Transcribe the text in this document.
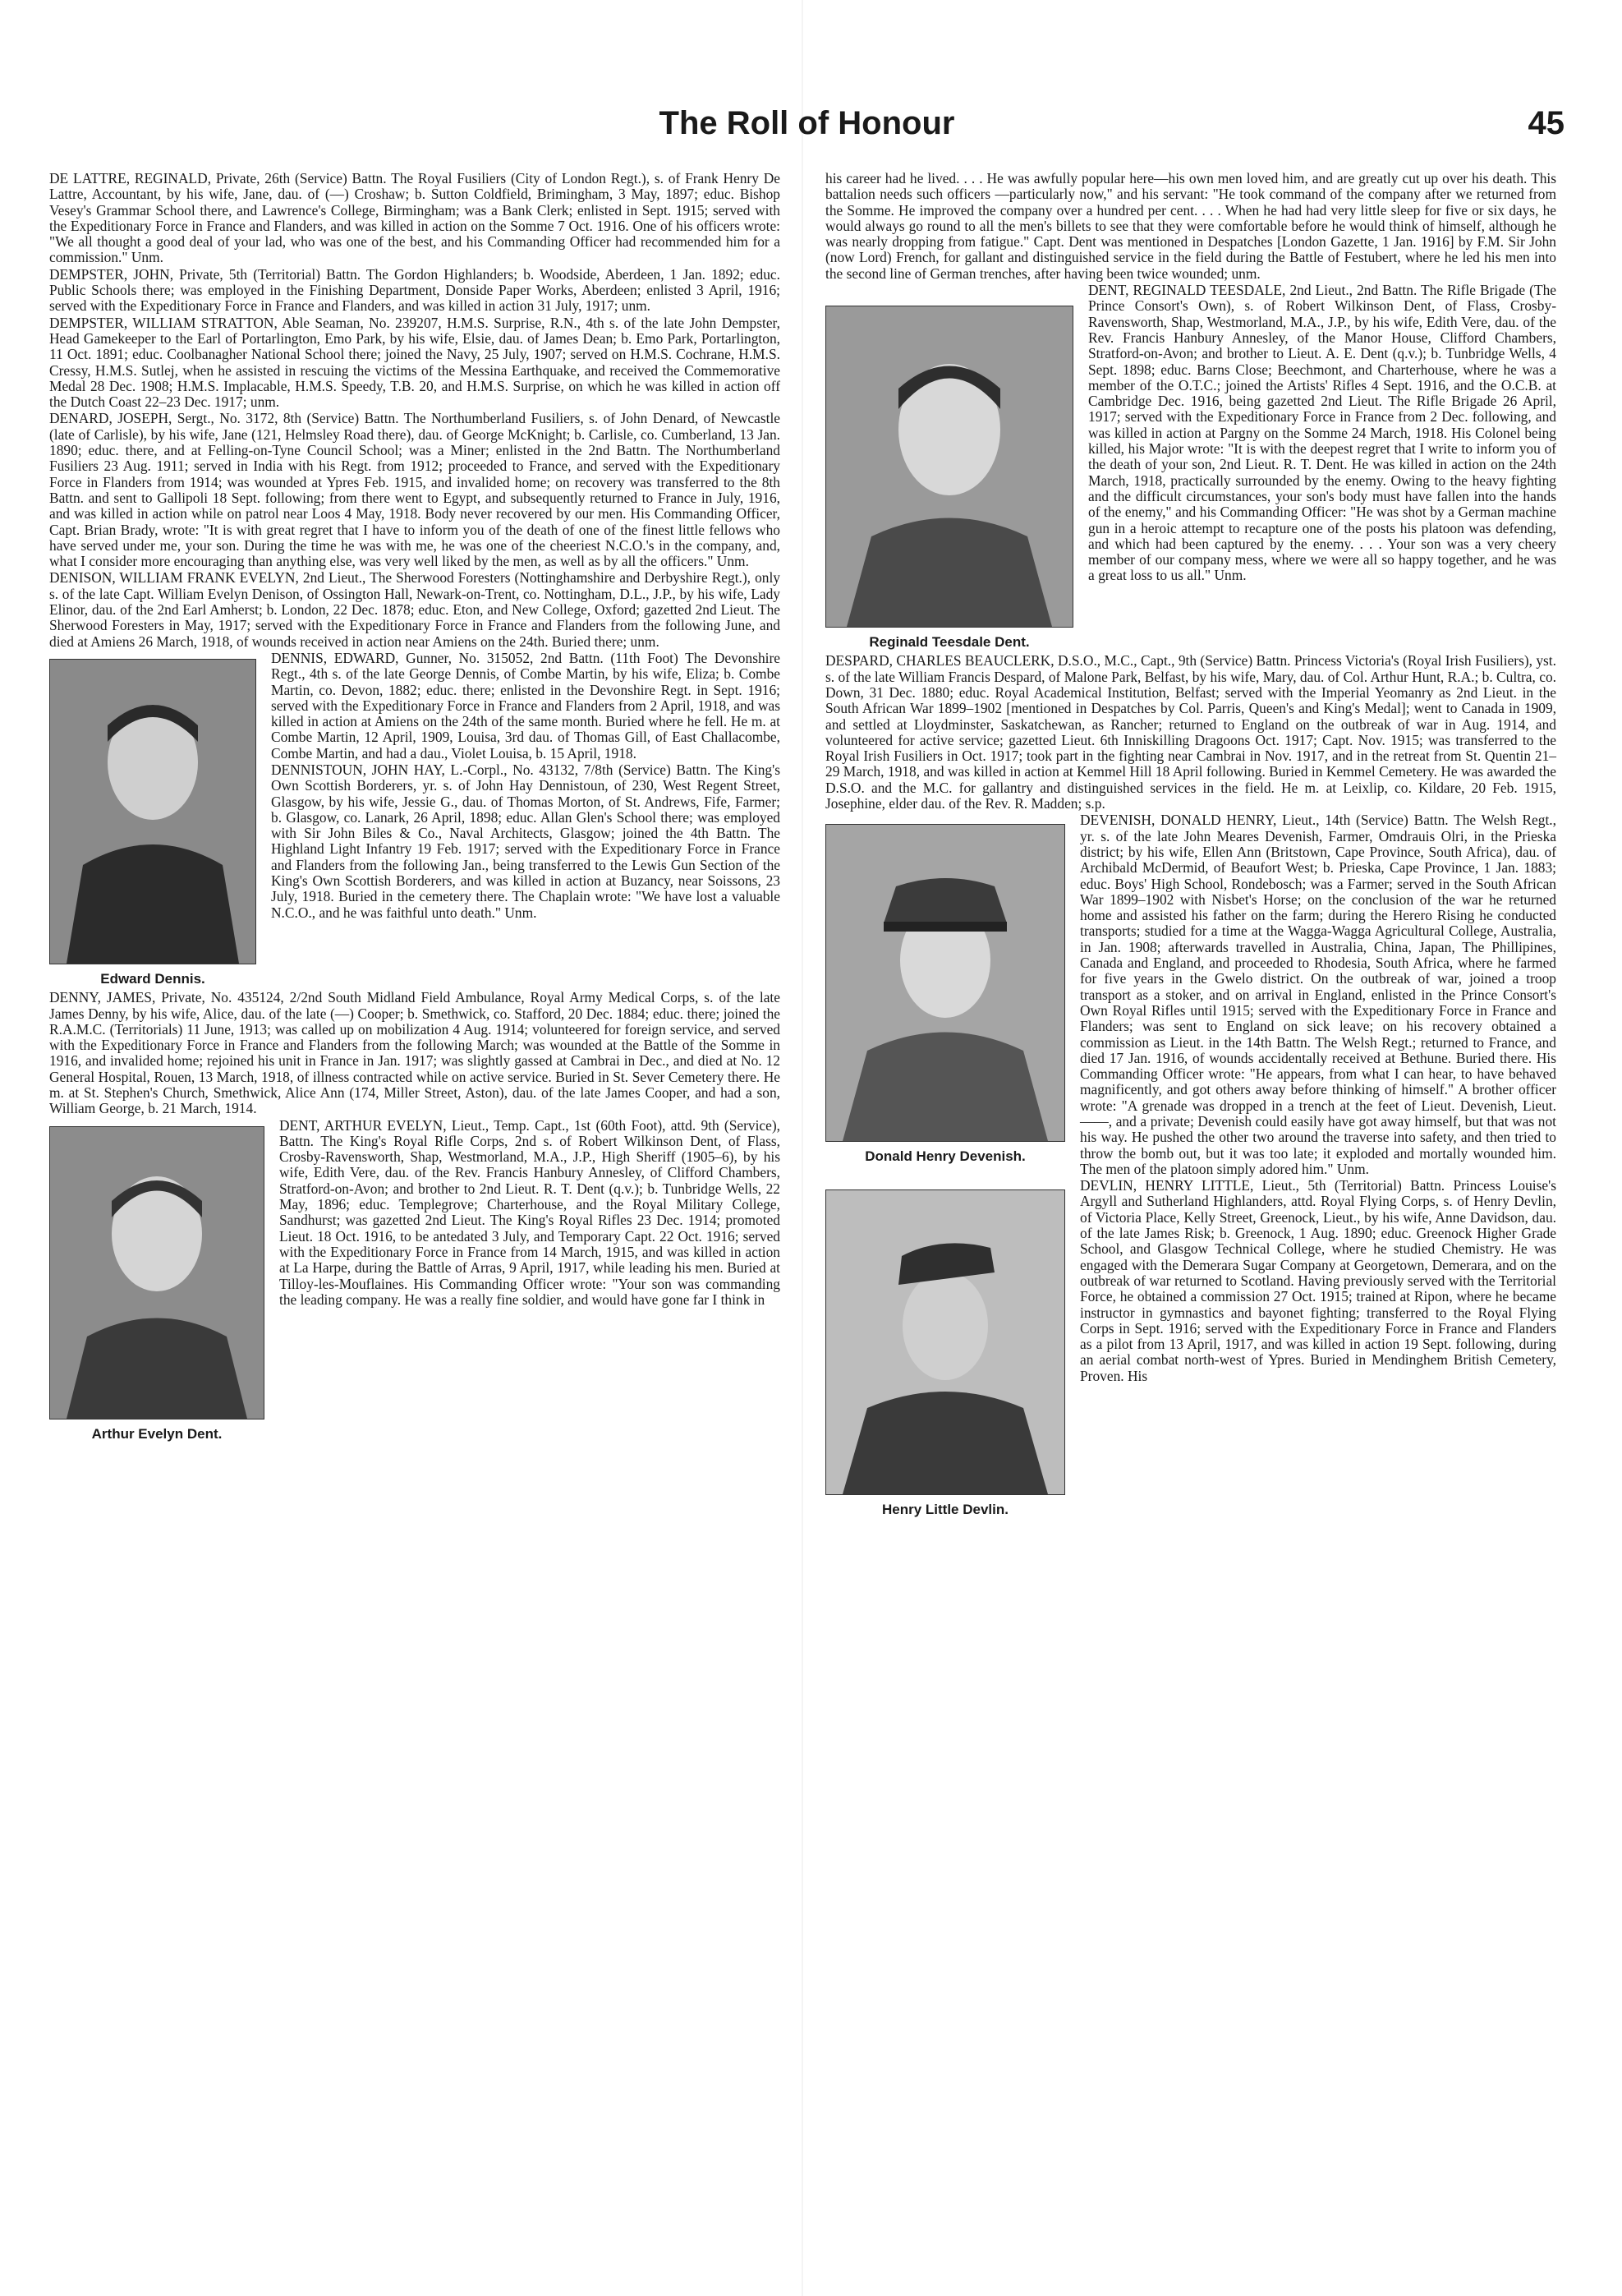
The Roll of Honour	45

DE LATTRE, REGINALD, Private, 26th (Service) Battn. The Royal Fusiliers (City of London Regt.), s. of Frank Henry De Lattre, Accountant, by his wife, Jane, dau. of (—) Croshaw; b. Sutton Coldfield, Brimingham, 3 May, 1897; educ. Bishop Vesey's Grammar School there, and Lawrence's College, Birmingham; was a Bank Clerk; enlisted in Sept. 1915; served with the Expeditionary Force in France and Flanders, and was killed in action on the Somme 7 Oct. 1916. One of his officers wrote: "We all thought a good deal of your lad, who was one of the best, and his Commanding Officer had recommended him for a commission." Unm.

DEMPSTER, JOHN, Private, 5th (Territorial) Battn. The Gordon Highlanders; b. Woodside, Aberdeen, 1 Jan. 1892; educ. Public Schools there; was employed in the Finishing Department, Donside Paper Works, Aberdeen; enlisted 3 April, 1916; served with the Expeditionary Force in France and Flanders, and was killed in action 31 July, 1917; unm.

DEMPSTER, WILLIAM STRATTON, Able Seaman, No. 239207, H.M.S. Surprise, R.N., 4th s. of the late John Dempster, Head Gamekeeper to the Earl of Portarlington, Emo Park, by his wife, Elsie, dau. of James Dean; b. Emo Park, Portarlington, 11 Oct. 1891; educ. Coolbanagher National School there; joined the Navy, 25 July, 1907; served on H.M.S. Cochrane, H.M.S. Cressy, H.M.S. Sutlej, when he assisted in rescuing the victims of the Messina Earthquake, and received the Commemorative Medal 28 Dec. 1908; H.M.S. Implacable, H.M.S. Speedy, T.B. 20, and H.M.S. Surprise, on which he was killed in action off the Dutch Coast 22–23 Dec. 1917; unm.

DENARD, JOSEPH, Sergt., No. 3172, 8th (Service) Battn. The Northumberland Fusiliers, s. of John Denard, of Newcastle (late of Carlisle), by his wife, Jane (121, Helmsley Road there), dau. of George McKnight; b. Carlisle, co. Cumberland, 13 Jan. 1890; educ. there, and at Felling-on-Tyne Council School; was a Miner; enlisted in the 2nd Battn. The Northumberland Fusiliers 23 Aug. 1911; served in India with his Regt. from 1912; proceeded to France, and served with the Expeditionary Force in Flanders from 1914; was wounded at Ypres Feb. 1915, and invalided home; on recovery was transferred to the 8th Battn. and sent to Gallipoli 18 Sept. following; from there went to Egypt, and subsequently returned to France in July, 1916, and was killed in action while on patrol near Loos 4 May, 1918. Body never recovered by our men. His Commanding Officer, Capt. Brian Brady, wrote: "It is with great regret that I have to inform you of the death of one of the finest little fellows who have served under me, your son. During the time he was with me, he was one of the cheeriest N.C.O.'s in the company, and, what I consider more encouraging than anything else, was very well liked by the men, as well as by all the officers." Unm.

DENISON, WILLIAM FRANK EVELYN, 2nd Lieut., The Sherwood Foresters (Nottinghamshire and Derbyshire Regt.), only s. of the late Capt. William Evelyn Denison, of Ossington Hall, Newark-on-Trent, co. Nottingham, D.L., J.P., by his wife, Lady Elinor, dau. of the 2nd Earl Amherst; b. London, 22 Dec. 1878; educ. Eton, and New College, Oxford; gazetted 2nd Lieut. The Sherwood Foresters in May, 1917; served with the Expeditionary Force in France and Flanders from the following June, and died at Amiens 26 March, 1918, of wounds received in action near Amiens on the 24th. Buried there; unm.

Edward Dennis.

DENNIS, EDWARD, Gunner, No. 315052, 2nd Battn. (11th Foot) The Devonshire Regt., 4th s. of the late George Dennis, of Combe Martin, by his wife, Eliza; b. Combe Martin, co. Devon, 1882; educ. there; enlisted in the Devonshire Regt. in Sept. 1916; served with the Expeditionary Force in France and Flanders from 2 April, 1918, and was killed in action at Amiens on the 24th of the same month. Buried where he fell. He m. at Combe Martin, 12 April, 1909, Louisa, 3rd dau. of Thomas Gill, of East Challacombe, Combe Martin, and had a dau., Violet Louisa, b. 15 April, 1918.

DENNISTOUN, JOHN HAY, L.-Corpl., No. 43132, 7/8th (Service) Battn. The King's Own Scottish Borderers, yr. s. of John Hay Dennistoun, of 230, West Regent Street, Glasgow, by his wife, Jessie G., dau. of Thomas Morton, of St. Andrews, Fife, Farmer; b. Glasgow, co. Lanark, 26 April, 1898; educ. Allan Glen's School there; was employed with Sir John Biles & Co., Naval Architects, Glasgow; joined the 4th Battn. The Highland Light Infantry 19 Feb. 1917; served with the Expeditionary Force in France and Flanders from the following Jan., being transferred to the Lewis Gun Section of the King's Own Scottish Borderers, and was killed in action at Buzancy, near Soissons, 23 July, 1918. Buried in the cemetery there. The Chaplain wrote: "We have lost a valuable N.C.O., and he was faithful unto death." Unm.

DENNY, JAMES, Private, No. 435124, 2/2nd South Midland Field Ambulance, Royal Army Medical Corps, s. of the late James Denny, by his wife, Alice, dau. of the late (—) Cooper; b. Smethwick, co. Stafford, 20 Dec. 1884; educ. there; joined the R.A.M.C. (Territorials) 11 June, 1913; was called up on mobilization 4 Aug. 1914; volunteered for foreign service, and served with the Expeditionary Force in France and Flanders from the following March; was wounded at the Battle of the Somme in 1916, and invalided home; rejoined his unit in France in Jan. 1917; was slightly gassed at Cambrai in Dec., and died at No. 12 General Hospital, Rouen, 13 March, 1918, of illness contracted while on active service. Buried in St. Sever Cemetery there. He m. at St. Stephen's Church, Smethwick, Alice Ann (174, Miller Street, Aston), dau. of the late James Cooper, and had a son, William George, b. 21 March, 1914.

Arthur Evelyn Dent.

DENT, ARTHUR EVELYN, Lieut., Temp. Capt., 1st (60th Foot), attd. 9th (Service), Battn. The King's Royal Rifle Corps, 2nd s. of Robert Wilkinson Dent, of Flass, Crosby-Ravensworth, Shap, Westmorland, M.A., J.P., High Sheriff (1905–6), by his wife, Edith Vere, dau. of the Rev. Francis Hanbury Annesley, of Clifford Chambers, Stratford-on-Avon; and brother to 2nd Lieut. R. T. Dent (q.v.); b. Tunbridge Wells, 22 May, 1896; educ. Templegrove; Charterhouse, and the Royal Military College, Sandhurst; was gazetted 2nd Lieut. The King's Royal Rifles 23 Dec. 1914; promoted Lieut. 18 Oct. 1916, to be antedated 3 July, and Temporary Capt. 22 Oct. 1916; served with the Expeditionary Force in France from 14 March, 1915, and was killed in action at La Harpe, during the Battle of Arras, 9 April, 1917, while leading his men. Buried at Tilloy-les-Mouflaines. His Commanding Officer wrote: "Your son was commanding the leading company. He was a really fine soldier, and would have gone far I think in

his career had he lived. . . . He was awfully popular here—his own men loved him, and are greatly cut up over his death. This battalion needs such officers —particularly now," and his servant: "He took command of the company after we returned from the Somme. He improved the company over a hundred per cent. . . . When he had had very little sleep for five or six days, he would always go round to all the men's billets to see that they were comfortable before he would think of himself, although he was nearly dropping from fatigue." Capt. Dent was mentioned in Despatches [London Gazette, 1 Jan. 1916] by F.M. Sir John (now Lord) French, for gallant and distinguished service in the field during the Battle of Festubert, where he led his men into the second line of German trenches, after having been twice wounded; unm.

Reginald Teesdale Dent.

DENT, REGINALD TEESDALE, 2nd Lieut., 2nd Battn. The Rifle Brigade (The Prince Consort's Own), s. of Robert Wilkinson Dent, of Flass, Crosby-Ravensworth, Shap, Westmorland, M.A., J.P., by his wife, Edith Vere, dau. of the Rev. Francis Hanbury Annesley, of the Manor House, Clifford Chambers, Stratford-on-Avon; and brother to Lieut. A. E. Dent (q.v.); b. Tunbridge Wells, 4 Sept. 1898; educ. Barns Close; Beechmont, and Charterhouse, where he was a member of the O.T.C.; joined the Artists' Rifles 4 Sept. 1916, and the O.C.B. at Cambridge Dec. 1916, being gazetted 2nd Lieut. The Rifle Brigade 26 April, 1917; served with the Expeditionary Force in France from 2 Dec. following, and was killed in action at Pargny on the Somme 24 March, 1918. His Colonel being killed, his Major wrote: "It is with the deepest regret that I write to inform you of the death of your son, 2nd Lieut. R. T. Dent. He was killed in action on the 24th March, 1918, practically surrounded by the enemy. Owing to the heavy fighting and the difficult circumstances, your son's body must have fallen into the hands of the enemy," and his Commanding Officer: "He was shot by a German machine gun in a heroic attempt to recapture one of the posts his platoon was defending, and which had been captured by the enemy. . . . Your son was a very cheery member of our company mess, where we were all so happy together, and he was a great loss to us all." Unm.

DESPARD, CHARLES BEAUCLERK, D.S.O., M.C., Capt., 9th (Service) Battn. Princess Victoria's (Royal Irish Fusiliers), yst. s. of the late William Francis Despard, of Malone Park, Belfast, by his wife, Mary, dau. of Col. Arthur Hunt, R.A.; b. Cultra, co. Down, 31 Dec. 1880; educ. Royal Academical Institution, Belfast; served with the Imperial Yeomanry as 2nd Lieut. in the South African War 1899–1902 [mentioned in Despatches by Col. Parris, Queen's and King's Medal]; went to Canada in 1909, and settled at Lloydminster, Saskatchewan, as Rancher; returned to England on the outbreak of war in Aug. 1914, and volunteered for active service; gazetted Lieut. 6th Inniskilling Dragoons Oct. 1917; Capt. Nov. 1915; was transferred to the Royal Irish Fusiliers in Oct. 1917; took part in the fighting near Cambrai in Nov. 1917, and in the retreat from St. Quentin 21–29 March, 1918, and was killed in action at Kemmel Hill 18 April following. Buried in Kemmel Cemetery. He was awarded the D.S.O. and the M.C. for gallantry and distinguished services in the field. He m. at Leixlip, co. Kildare, 20 Feb. 1915, Josephine, elder dau. of the Rev. R. Madden; s.p.

Donald Henry Devenish.

DEVENISH, DONALD HENRY, Lieut., 14th (Service) Battn. The Welsh Regt., yr. s. of the late John Meares Devenish, Farmer, Omdrauis Olri, in the Prieska district; by his wife, Ellen Ann (Britstown, Cape Province, South Africa), dau. of Archibald McDermid, of Beaufort West; b. Prieska, Cape Province, 1 Jan. 1883; educ. Boys' High School, Rondebosch; was a Farmer; served in the South African War 1899–1902 with Nisbet's Horse; on the conclusion of the war he returned home and assisted his father on the farm; during the Herero Rising he conducted transports; studied for a time at the Wagga-Wagga Agricultural College, Australia, in Jan. 1908; afterwards travelled in Australia, China, Japan, The Phillipines, Canada and England, and proceeded to Rhodesia, South Africa, where he farmed for five years in the Gwelo district. On the outbreak of war, joined a troop transport as a stoker, and on arrival in England, enlisted in the Prince Consort's Own Royal Rifles until 1915; served with the Expeditionary Force in France and Flanders; was sent to England on sick leave; on his recovery obtained a commission as Lieut. in the 14th Battn. The Welsh Regt.; returned to France, and died 17 Jan. 1916, of wounds accidentally received at Bethune. Buried there. His Commanding Officer wrote: "He appears, from what I can hear, to have behaved magnificently, and got others away before thinking of himself." A brother officer wrote: "A grenade was dropped in a trench at the feet of Lieut. Devenish, Lieut. ——, and a private; Devenish could easily have got away himself, but that was not his way. He pushed the other two around the traverse into safety, and then tried to throw the bomb out, but it was too late; it exploded and mortally wounded him. The men of the platoon simply adored him." Unm.

Henry Little Devlin.

DEVLIN, HENRY LITTLE, Lieut., 5th (Territorial) Battn. Princess Louise's Argyll and Sutherland Highlanders, attd. Royal Flying Corps, s. of Henry Devlin, of Victoria Place, Kelly Street, Greenock, Lieut., by his wife, Anne Davidson, dau. of the late James Risk; b. Greenock, 1 Aug. 1890; educ. Greenock Higher Grade School, and Glasgow Technical College, where he studied Chemistry. He was engaged with the Demerara Sugar Company at Georgetown, Demerara, and on the outbreak of war returned to Scotland. Having previously served with the Territorial Force, he obtained a commission 27 Oct. 1915; trained at Ripon, where he became instructor in gymnastics and bayonet fighting; transferred to the Royal Flying Corps in Sept. 1916; served with the Expeditionary Force in France and Flanders as a pilot from 13 April, 1917, and was killed in action 19 Sept. following, during an aerial combat north-west of Ypres. Buried in Mendinghem British Cemetery, Proven. His
